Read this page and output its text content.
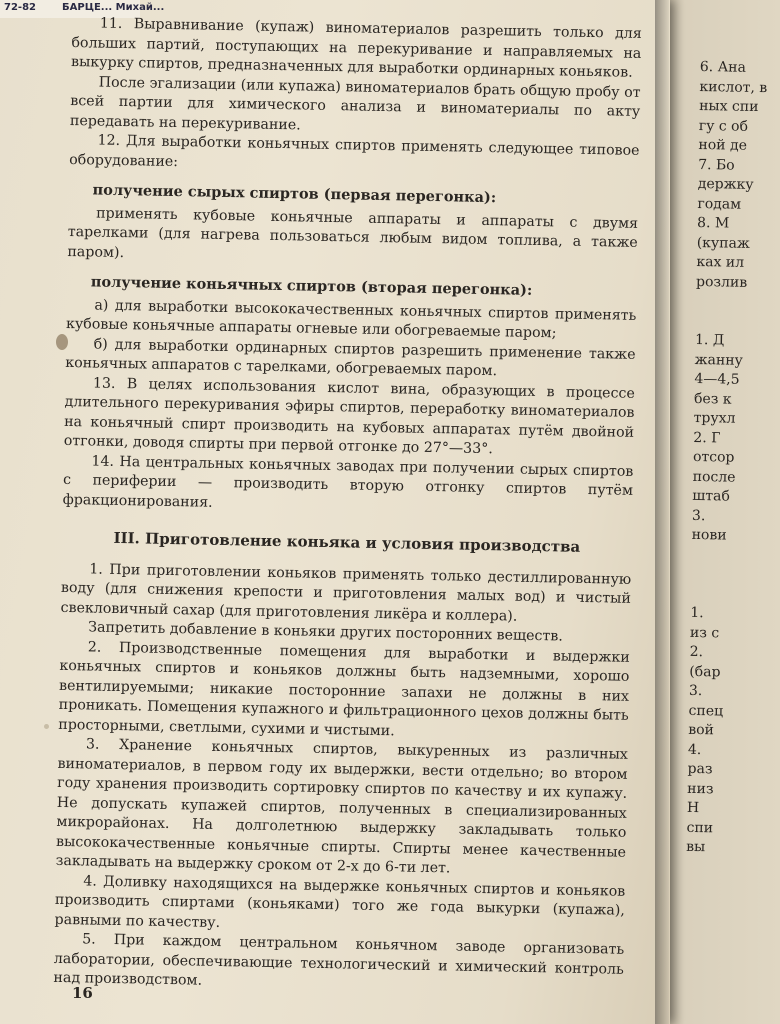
6. Ана
кислот, в
ных спи
гу с об
ной де
7. Бо
держку
годам
8. М
(купаж
ках ил
розлив
1. Д
жанну
4—4,5
без к
трухл
2. Г
отсор
после
штаб
3.
нови
1.
из с
2.
(бар
3.
спец
вой
4.
раз
низ
Н
спи
вы
72-82	БАРЦЕ... Михай...

11. Выравнивание (купаж) виноматериалов разрешить только для больших партий, поступающих на перекуривание и направляемых на выкурку спиртов, предназначенных для выработки ординарных коньяков.

После эгализации (или купажа) виноматериалов брать общую пробу от всей партии для химического анализа и виноматериалы по акту передавать на перекуривание.

12. Для выработки коньячных спиртов применять следующее типовое оборудование:

получение сырых спиртов (первая перегонка):

применять кубовые коньячные аппараты и аппараты с двумя тарелками (для нагрева пользоваться любым видом топлива, а также паром).

получение коньячных спиртов (вторая перегонка):

а) для выработки высококачественных коньячных спиртов применять кубовые коньячные аппараты огневые или обогреваемые паром;

б) для выработки ординарных спиртов разрешить применение также коньячных аппаратов с тарелками, обогреваемых паром.

13. В целях использования кислот вина, образующих в процессе длительного перекуривания эфиры спиртов, переработку виноматериалов на коньячный спирт производить на кубовых аппаратах путём двойной отгонки, доводя спирты при первой отгонке до 27°—33°.

14. На центральных коньячных заводах при получении сырых спиртов с периферии — производить вторую отгонку спиртов путём фракционирования.

III. Приготовление коньяка и условия производства

1. При приготовлении коньяков применять только дестиллированную воду (для снижения крепости и приготовления малых вод) и чистый свекловичный сахар (для приготовления ликёра и коллера).

Запретить добавление в коньяки других посторонних веществ.

2. Производственные помещения для выработки и выдержки коньячных спиртов и коньяков должны быть надземными, хорошо вентилируемыми; никакие посторонние запахи не должны в них проникать. Помещения купажного и фильтрационного цехов должны быть просторными, светлыми, сухими и чистыми.

3. Хранение коньячных спиртов, выкуренных из различных виноматериалов, в первом году их выдержки, вести отдельно; во втором году хранения производить сортировку спиртов по качеству и их купажу. Не допускать купажей спиртов, полученных в специализированных микрорайонах. На долголетнюю выдержку закладывать только высококачественные коньячные спирты. Спирты менее качественные закладывать на выдержку сроком от 2-х до 6-ти лет.

4. Доливку находящихся на выдержке коньячных спиртов и коньяков производить спиртами (коньяками) того же года выкурки (купажа), равными по качеству.

5. При каждом центральном коньячном заводе организовать лаборатории, обеспечивающие технологический и химический контроль над производством.

16
